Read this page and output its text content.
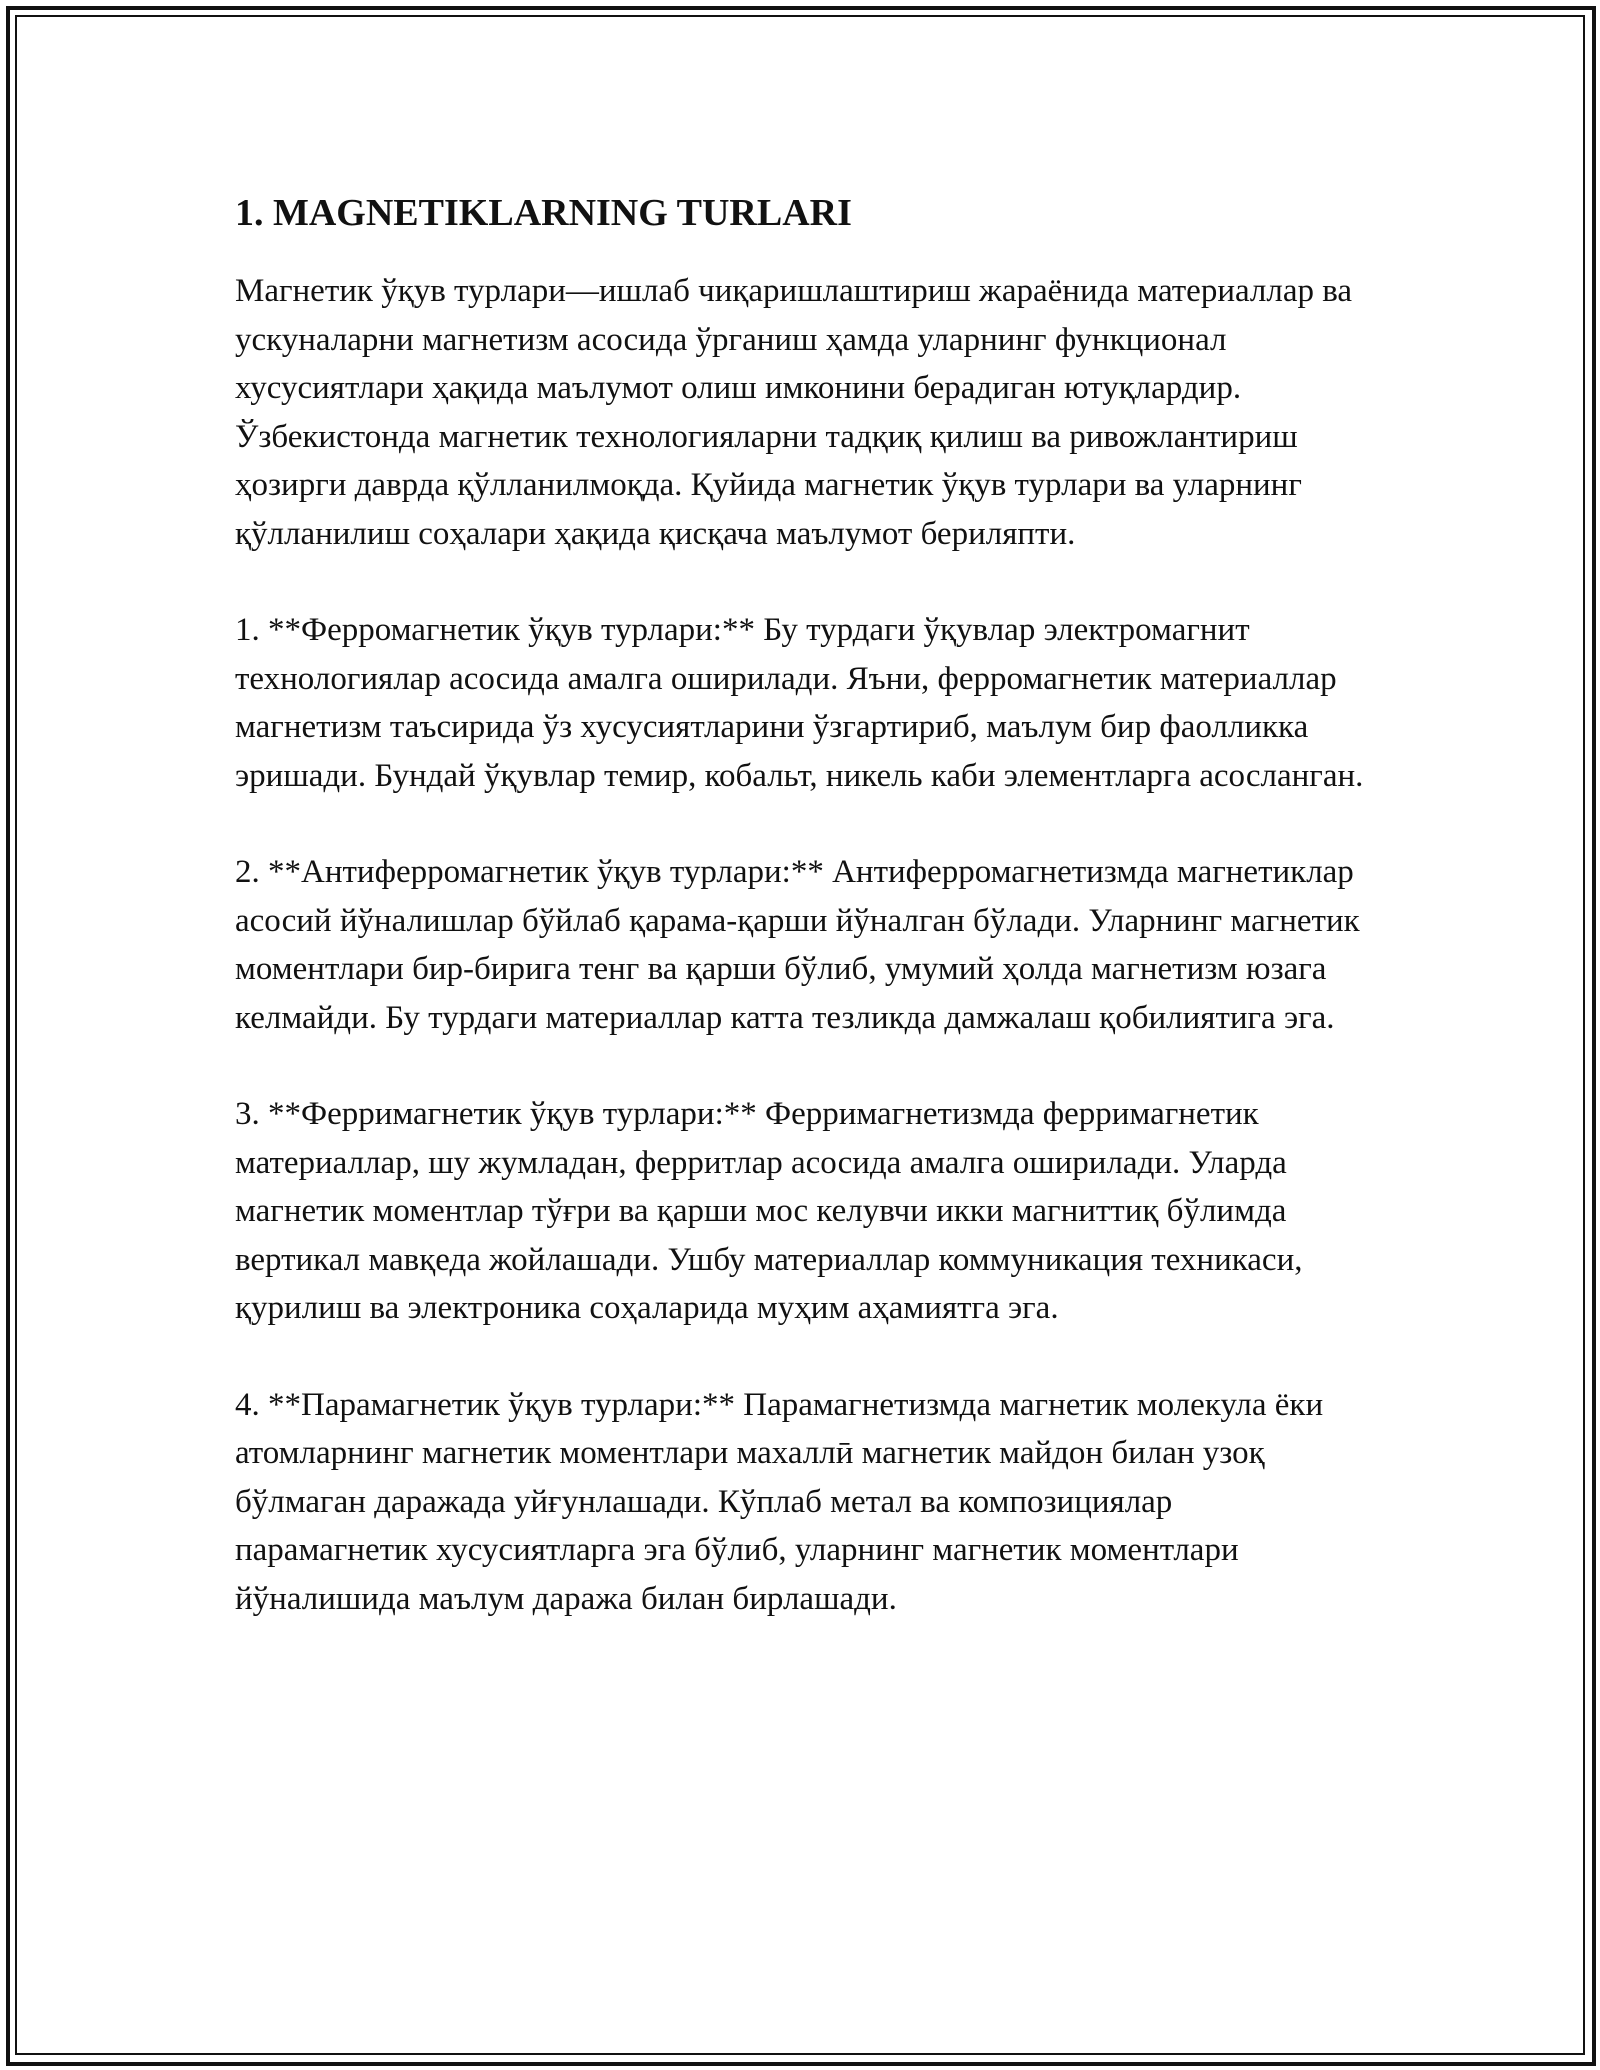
1. MAGNETIKLARNING TURLARI

Магнетик ўқув турлари—ишлаб чиқаришлаштириш жараёнида материаллар ва ускуналарни магнетизм асосида ўрганиш ҳамда уларнинг функционал хусусиятлари ҳақида маълумот олиш имконини берадиган ютуқлардир. Ўзбекистонда магнетик технологияларни тадқиқ қилиш ва ривожлантириш ҳозирги даврда қўлланилмоқда. Қуйида магнетик ўқув турлари ва уларнинг қўлланилиш соҳалари ҳақида қисқача маълумот бериляпти.

1. **Ферромагнетик ўқув турлари:** Бу турдаги ўқувлар электромагнит технологиялар асосида амалга оширилади. Яъни, ферромагнетик материаллар магнетизм таъсирида ўз хусусиятларини ўзгартириб, маълум бир фаолликка эришади. Бундай ўқувлар темир, кобальт, никель каби элементларга асосланган.

2. **Антиферромагнетик ўқув турлари:** Антиферромагнетизмда магнетиклар асосий йўналишлар бўйлаб қарама-қарши йўналган бўлади. Уларнинг магнетик моментлари бир-бирига тенг ва қарши бўлиб, умумий ҳолда магнетизм юзага келмайди. Бу турдаги материаллар катта тезликда дамжалаш қобилиятига эга.

3. **Ферримагнетик ўқув турлари:** Ферримагнетизмда ферримагнетик материаллар, шу жумладан, ферритлар асосида амалга оширилади. Уларда магнетик моментлар тўғри ва қарши мос келувчи икки магниттиқ бўлимда вертикал мавқеда жойлашади. Ушбу материаллар коммуникация техникаси, қурилиш ва электроника соҳаларида муҳим аҳамиятга эга.

4. **Парамагнетик ўқув турлари:** Парамагнетизмда магнетик молекула ёки атомларнинг магнетик моментлари махаллӣ магнетик майдон билан узоқ бўлмаган даражада уйғунлашади. Кўплаб метал ва композициялар парамагнетик хусусиятларга эга бўлиб, уларнинг магнетик моментлари йўналишида маълум даража билан бирлашади.
